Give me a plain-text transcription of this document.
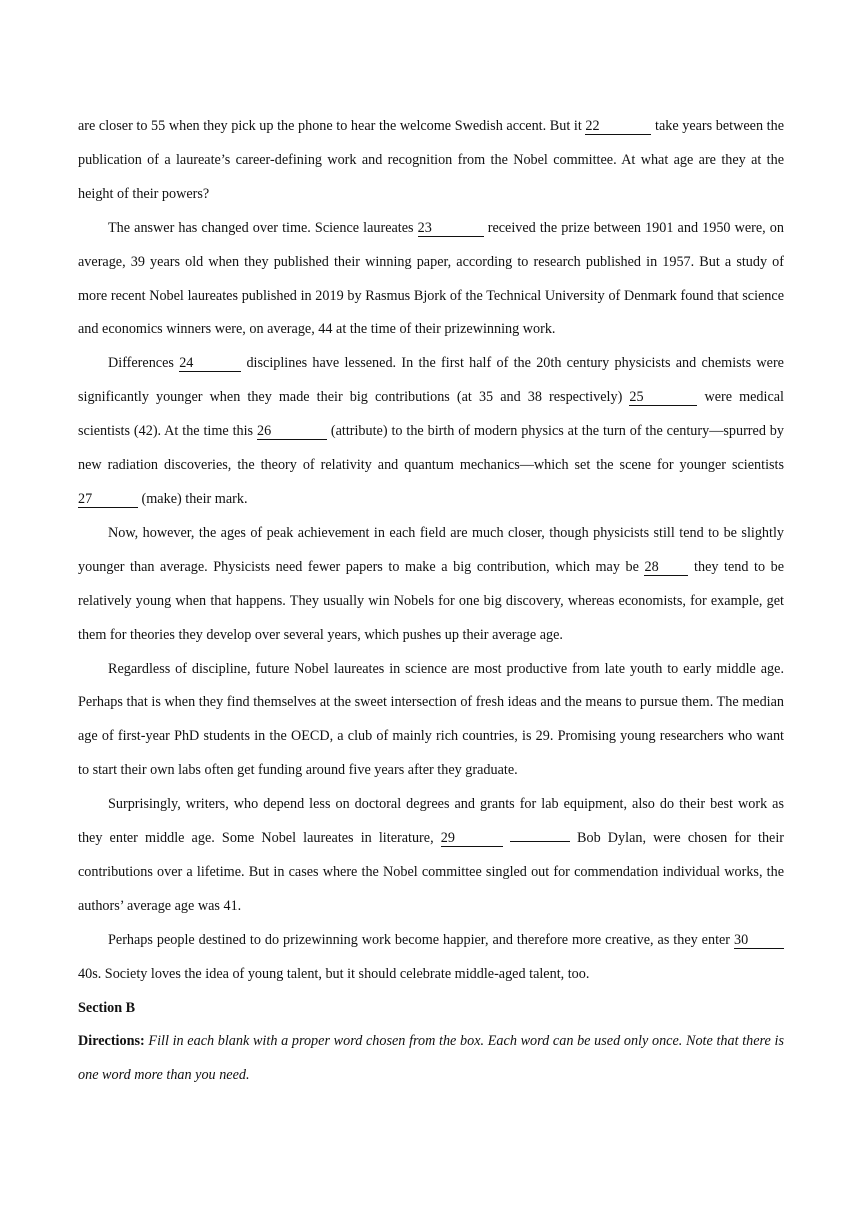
are closer to 55 when they pick up the phone to hear the welcome Swedish accent. But it 22	take years between the publication of a laureate’s career-defining work and recognition from the Nobel committee. At what age are they at the height of their powers?

The answer has changed over time. Science laureates 23	received the prize between 1901 and 1950 were, on average, 39 years old when they published their winning paper, according to research published in 1957. But a study of more recent Nobel laureates published in 2019 by Rasmus Bjork of the Technical University of Denmark found that science and economics winners were, on average, 44 at the time of their prizewinning work.

Differences 24	disciplines have lessened. In the first half of the 20th century physicists and chemists were significantly younger when they made their big contributions (at 35 and 38 respectively) 25	were medical scientists (42). At the time this 26	(attribute) to the birth of modern physics at the turn of the century—spurred by new radiation discoveries, the theory of relativity and quantum mechanics—which set the scene for younger scientists 27	(make) their mark.

Now, however, the ages of peak achievement in each field are much closer, though physicists still tend to be slightly younger than average. Physicists need fewer papers to make a big contribution, which may be 28 they tend to be relatively young when that happens. They usually win Nobels for one big discovery, whereas economists, for example, get them for theories they develop over several years, which pushes up their average age.

Regardless of discipline, future Nobel laureates in science are most productive from late youth to early middle age. Perhaps that is when they find themselves at the sweet intersection of fresh ideas and the means to pursue them. The median age of first-year PhD students in the OECD, a club of mainly rich countries, is 29. Promising young researchers who want to start their own labs often get funding around five years after they graduate.

Surprisingly, writers, who depend less on doctoral degrees and grants for lab equipment, also do their best work as they enter middle age. Some Nobel laureates in literature, 29	Bob Dylan, were chosen for their contributions over a lifetime. But in cases where the Nobel committee singled out for commendation individual works, the authors’ average age was 41.

Perhaps people destined to do prizewinning work become happier, and therefore more creative, as they enter 30 40s. Society loves the idea of young talent, but it should celebrate middle-aged talent, too.

Section B

Directions: Fill in each blank with a proper word chosen from the box. Each word can be used only once. Note that there is one word more than you need.
